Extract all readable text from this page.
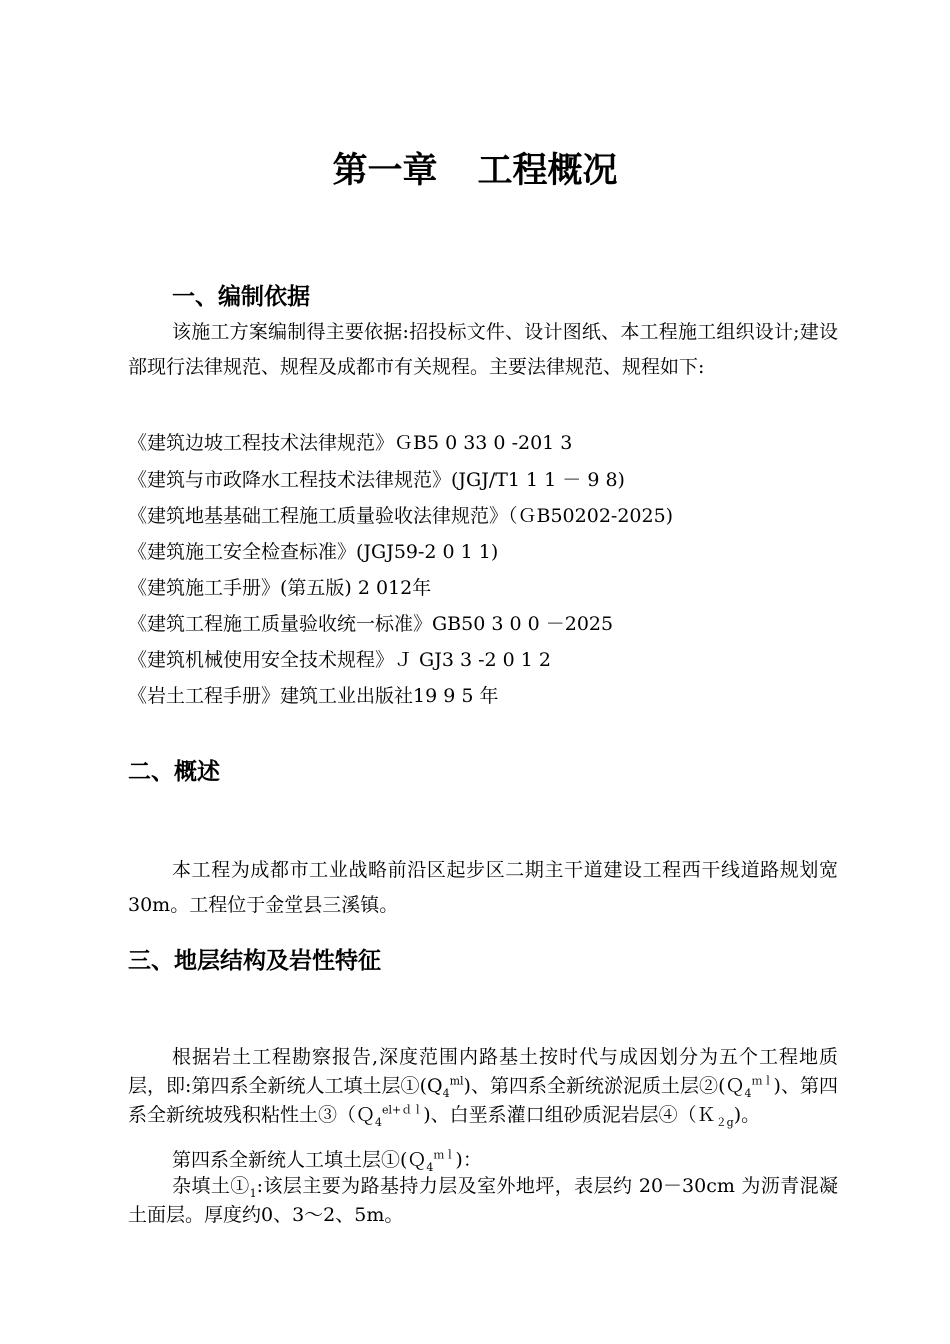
第一章 工程概况
一、编制依据
该施工方案编制得主要依据:招投标文件、设计图纸、本工程施工组织设计;建设部现行法律规范、规程及成都市有关规程。主要法律规范、规程如下:
《建筑边坡工程技术法律规范》ＧB5 0 33 0 -201 3
《建筑与市政降水工程技术法律规范》(JGJ/T1 1 1 － 9 8)
《建筑地基基础工程施工质量验收法律规范》（ＧB50202-2025)
《建筑施工安全检查标准》(JGJ59-2 0 1 1)
《建筑施工手册》(第五版) 2 012年
《建筑工程施工质量验收统一标准》GB50 3 0 0 －2025
《建筑机械使用安全技术规程》Ｊ GJ3 3 -2 0 1 2
《岩土工程手册》建筑工业出版社19 9 5 年
二、概述
本工程为成都市工业战略前沿区起步区二期主干道建设工程西干线道路规划宽30m。工程位于金堂县三溪镇。
三、地层结构及岩性特征
根据岩土工程勘察报告,深度范围内路基土按时代与成因划分为五个工程地质层，即:第四系全新统人工填土层$①(Q_4^{ml})$、第四系全新统淤泥质土层②(Ｑ$_4^{ml}$)、第四系全新统坡残积粘性土③（Ｑ$_4^{el+dl}$)、白垩系灌口组砂质泥岩层④（Ｋ$_{2g}$)。
第四系全新统人工填土层①(Ｑ$_4^{ml}$)：
杂填土$①_1$:该层主要为路基持力层及室外地坪，表层约 20－30cm 为沥青混凝土面层。厚度约0、3～2、5m。
